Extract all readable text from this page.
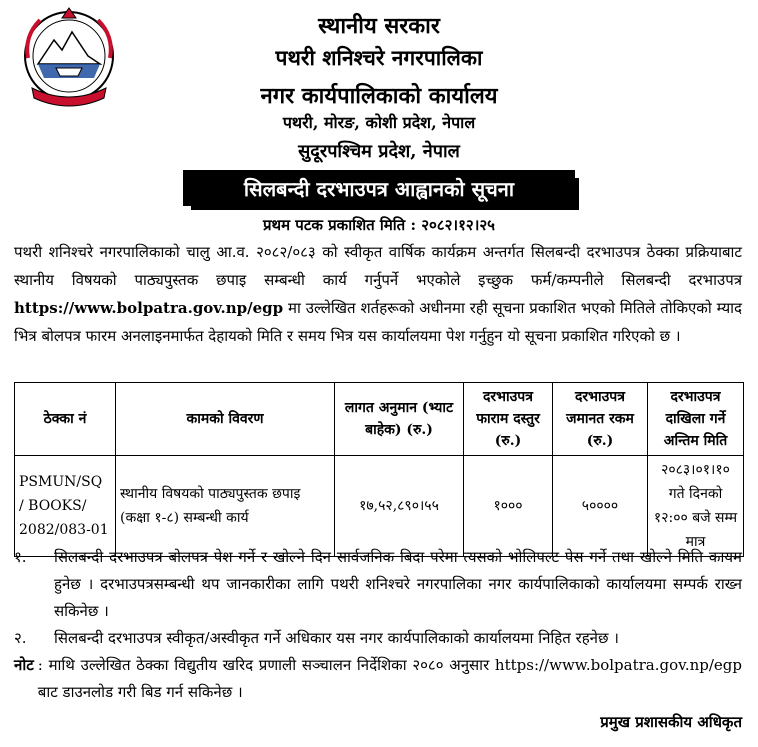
स्थानीय सरकार
पथरी शनिश्चरे नगरपालिका
नगर कार्यपालिकाको कार्यालय
पथरी, मोरङ, कोशी प्रदेश, नेपाल
सुदूरपश्चिम प्रदेश, नेपाल
सिलबन्दी दरभाउपत्र आह्वानको सूचना
प्रथम पटक प्रकाशित मिति : २०८२।१२।२५
पथरी शनिश्चरे नगरपालिकाको चालु आ.व. २०८२/०८३ को स्वीकृत वार्षिक कार्यक्रम अन्तर्गत सिलबन्दी दरभाउपत्र ठेक्का प्रक्रियाबाट स्थानीय विषयको पाठ्यपुस्तक छपाइ सम्बन्धी कार्य गर्नुपर्ने भएकोले इच्छुक फर्म/कम्पनीले सिलबन्दी दरभाउपत्र https://www.bolpatra.gov.np/egp मा उल्लेखित शर्तहरूको अधीनमा रही सूचना प्रकाशित भएको मितिले तोकिएको म्याद भित्र बोलपत्र फारम अनलाइनमार्फत देहायको मिति र समय भित्र यस कार्यालयमा पेश गर्नुहुन यो सूचना प्रकाशित गरिएको छ ।
ठेक्का नं	कामको विवरण	लागत अनुमान (भ्याट बाहेक) (रु.)	दरभाउपत्र फाराम दस्तुर (रु.)	दरभाउपत्र जमानत रकम (रु.)	दरभाउपत्र दाखिला गर्ने अन्तिम मिति
PSMUN/SQ / BOOKS/ 2082/083-01	स्थानीय विषयको पाठ्यपुस्तक छपाइ (कक्षा १-८) सम्बन्धी कार्य	१७,५२,८९०।५५	१०००	५००००	२०८३।०१।१० गते दिनको १२:०० बजे सम्म मात्र
१.	सिलबन्दी दरभाउपत्र बोलपत्र पेश गर्ने र खोल्ने दिन सार्वजनिक बिदा परेमा त्यसको भोलिपल्ट पेस गर्ने तथा खोल्ने मिति कायम हुनेछ । दरभाउपत्रसम्बन्धी थप जानकारीका लागि पथरी शनिश्चरे नगरपालिका नगर कार्यपालिकाको कार्यालयमा सम्पर्क राख्न सकिनेछ ।
२.	सिलबन्दी दरभाउपत्र स्वीकृत/अस्वीकृत गर्ने अधिकार यस नगर कार्यपालिकाको कार्यालयमा निहित रहनेछ ।
नोट : माथि उल्लेखित ठेक्का विद्युतीय खरिद प्रणाली सञ्चालन निर्देशिका २०८० अनुसार https://www.bolpatra.gov.np/egp बाट डाउनलोड गरी बिड गर्न सकिनेछ ।
प्रमुख प्रशासकीय अधिकृत
